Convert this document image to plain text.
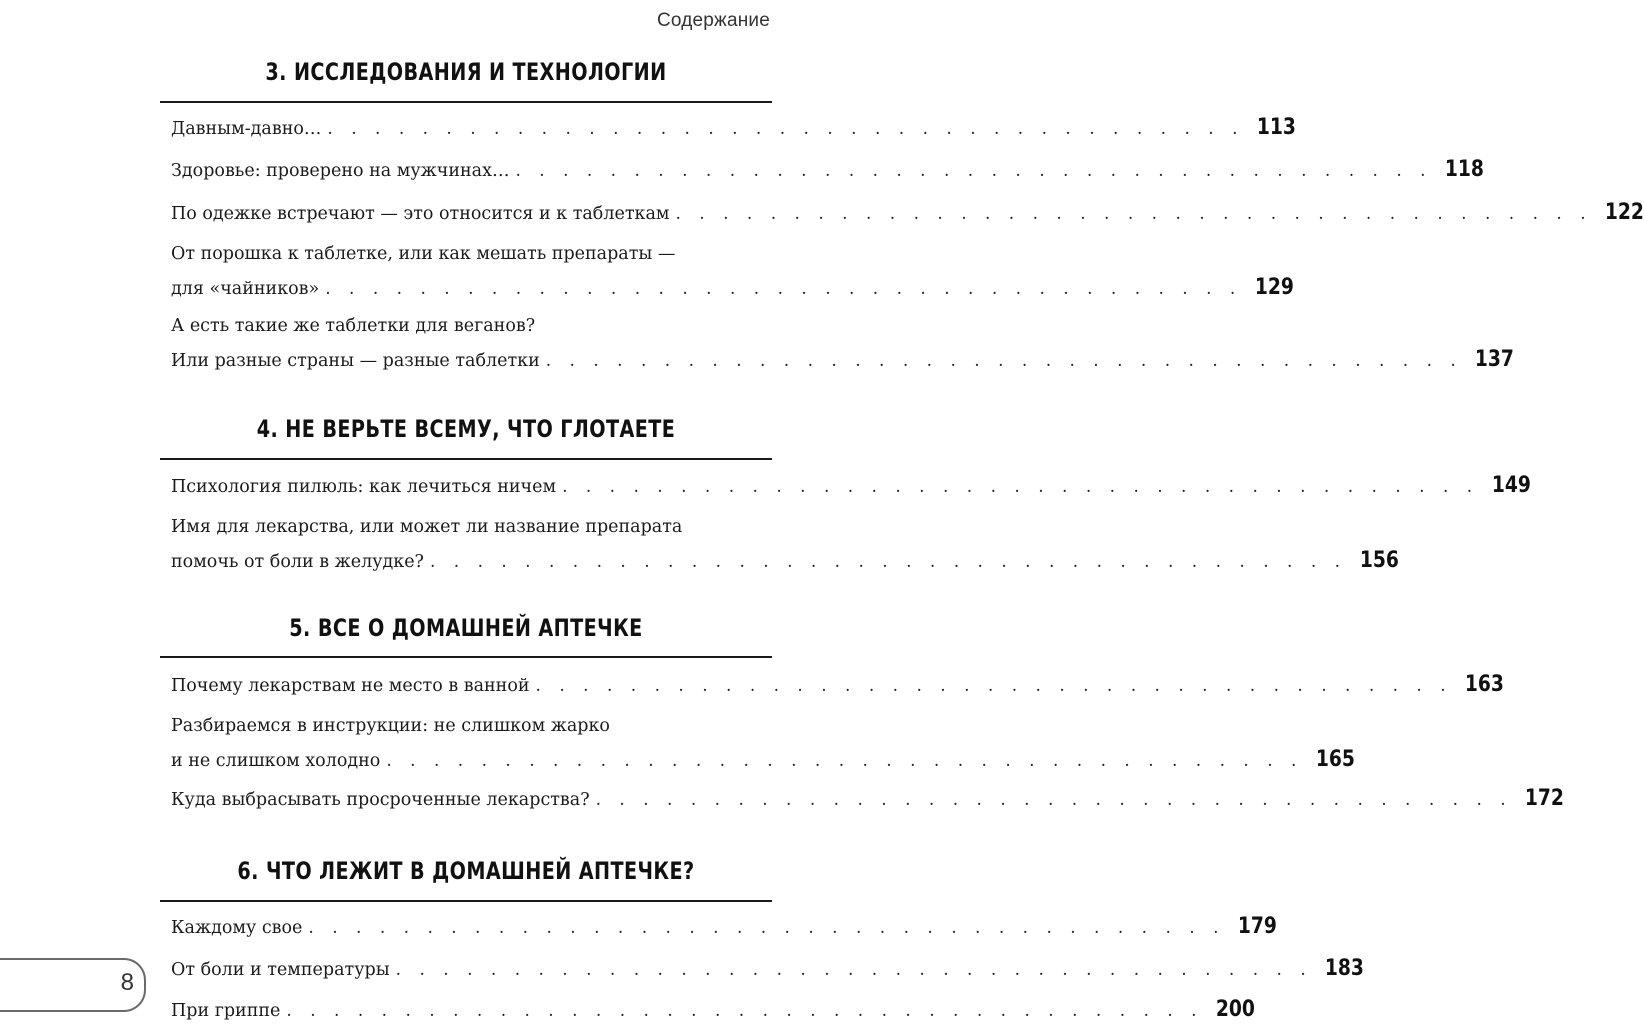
Содержание
3. ИССЛЕДОВАНИЯ И ТЕХНОЛОГИИ
Давным-давно… . . . . . . . . . . . . . . . . . . . . . . . . . . . . . . . . . . . . . . . 113
Здоровье: проверено на мужчинах… . . . . . . . . . . . . . . . . . . . . . . . . . . . . . . . . . . . . . . . 118
По одежке встречают — это относится и к таблеткам . . . . . . . . . . . . . . . . . . . . . . . . . . . . . . . . . . . . . . . 122
От порошка к таблетке, или как мешать препараты —
для «чайников» . . . . . . . . . . . . . . . . . . . . . . . . . . . . . . . . . . . . . . . 129
А есть такие же таблетки для веганов?
Или разные страны — разные таблетки . . . . . . . . . . . . . . . . . . . . . . . . . . . . . . . . . . . . . . . 137
4. НЕ ВЕРЬТЕ ВСЕМУ, ЧТО ГЛОТАЕТЕ
Психология пилюль: как лечиться ничем . . . . . . . . . . . . . . . . . . . . . . . . . . . . . . . . . . . . . . . 149
Имя для лекарства, или может ли название препарата
помочь от боли в желудке? . . . . . . . . . . . . . . . . . . . . . . . . . . . . . . . . . . . . . . . 156
5. ВСЕ О ДОМАШНЕЙ АПТЕЧКЕ
Почему лекарствам не место в ванной . . . . . . . . . . . . . . . . . . . . . . . . . . . . . . . . . . . . . . . 163
Разбираемся в инструкции: не слишком жарко
и не слишком холодно . . . . . . . . . . . . . . . . . . . . . . . . . . . . . . . . . . . . . . . 165
Куда выбрасывать просроченные лекарства? . . . . . . . . . . . . . . . . . . . . . . . . . . . . . . . . . . . . . . . 172
6. ЧТО ЛЕЖИТ В ДОМАШНЕЙ АПТЕЧКЕ?
Каждому свое . . . . . . . . . . . . . . . . . . . . . . . . . . . . . . . . . . . . . . . 179
От боли и температуры . . . . . . . . . . . . . . . . . . . . . . . . . . . . . . . . . . . . . . . 183
При гриппе . . . . . . . . . . . . . . . . . . . . . . . . . . . . . . . . . . . . . . . 200
8
